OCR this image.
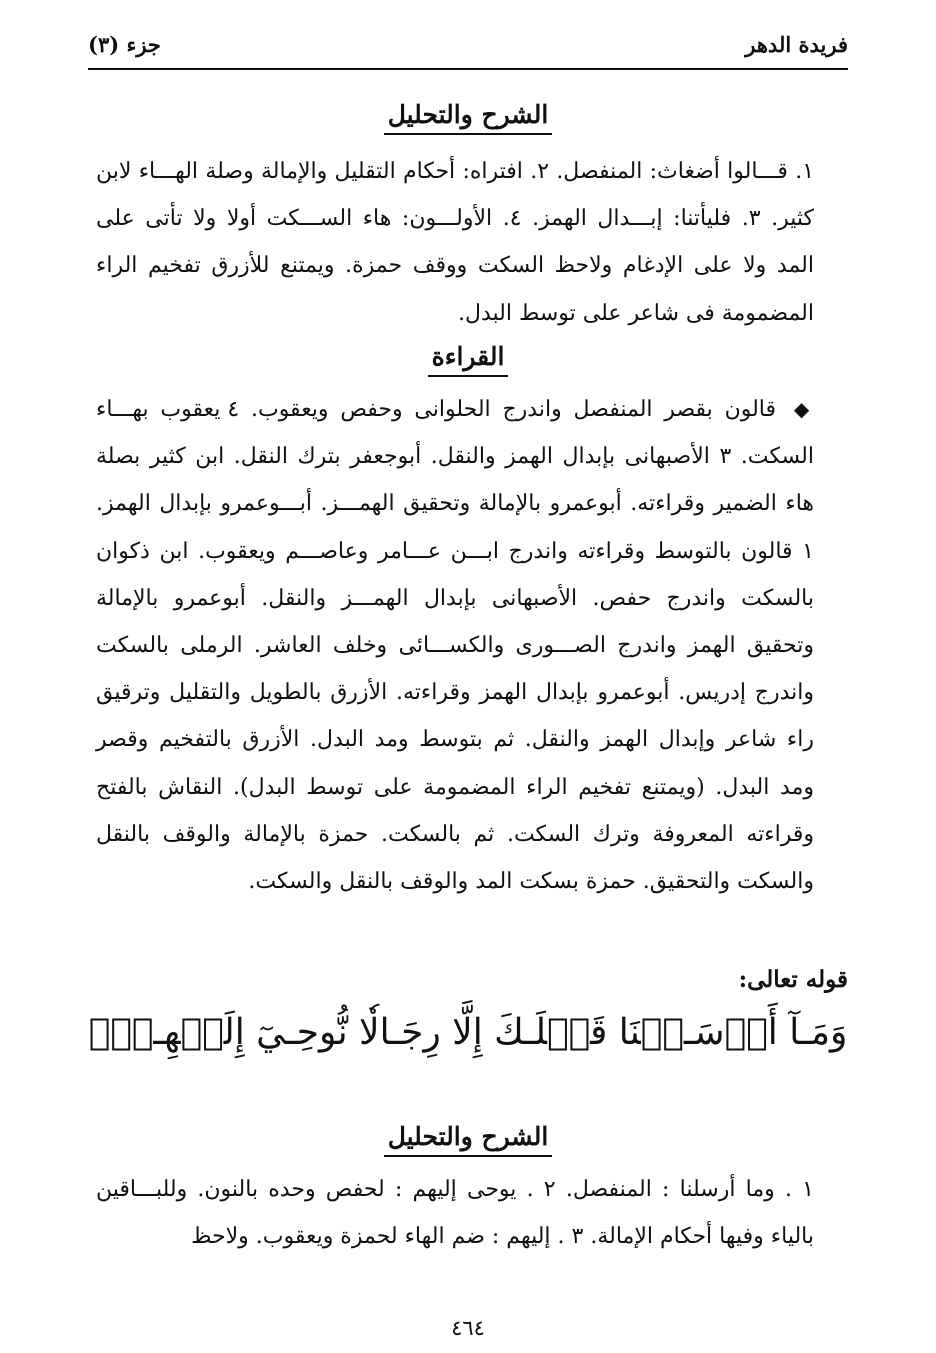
فريدة الدهر
جزء (٣)
الشرح والتحليل
١. قـــالوا أضغاث: المنفصل. ٢. افتراه: أحكام التقليل والإمالة وصلة الهـــاء لابن كثير. ٣. فليأتنا: إبـــدال الهمز. ٤. الأولـــون: هاء الســـكت أولا ولا تأتى على المد ولا على الإدغام ولاحظ السكت ووقف حمزة. ويمتنع للأزرق تفخيم الراء المضمومة فى شاعر على توسط البدل.
القراءة
◆ قالون بقصر المنفصل واندرج الحلوانى وحفص ويعقوب. ٤ يعقوب بهـــاء السكت. ٣ الأصبهانى بإبدال الهمز والنقل. أبوجعفر بترك النقل. ابن كثير بصلة هاء الضمير وقراءته. أبوعمرو بالإمالة وتحقيق الهمـــز. أبـــوعمرو بإبدال الهمز. ١ قالون بالتوسط وقراءته واندرج ابـــن عـــامر وعاصـــم ويعقوب. ابن ذكوان بالسكت واندرج حفص. الأصبهانى بإبدال الهمـــز والنقل. أبوعمرو بالإمالة وتحقيق الهمز واندرج الصـــورى والكســـائى وخلف العاشر. الرملى بالسكت واندرج إدريس. أبوعمرو بإبدال الهمز وقراءته. الأزرق بالطويل والتقليل وترقيق راء شاعر وإبدال الهمز والنقل. ثم بتوسط ومد البدل. الأزرق بالتفخيم وقصر ومد البدل. (ويمتنع تفخيم الراء المضمومة على توسط البدل). النقاش بالفتح وقراءته المعروفة وترك السكت. ثم بالسكت. حمزة بالإمالة والوقف بالنقل والسكت والتحقيق. حمزة بسكت المد والوقف بالنقل والسكت.
قوله تعالى:
وَمَـآ أَرۡسَـلۡنَا قَبۡلَـكَ إِلَّا رِجَـالٗا نُّوحِـيٓ إِلَيۡهِـمۡۖ
الشرح والتحليل
١ . وما أرسلنا : المنفصل. ٢ . يوحى إليهم : لحفص وحده بالنون. وللبـــاقين بالياء وفيها أحكام الإمالة. ٣ . إليهم : ضم الهاء لحمزة ويعقوب. ولاحظ
٤٦٤
